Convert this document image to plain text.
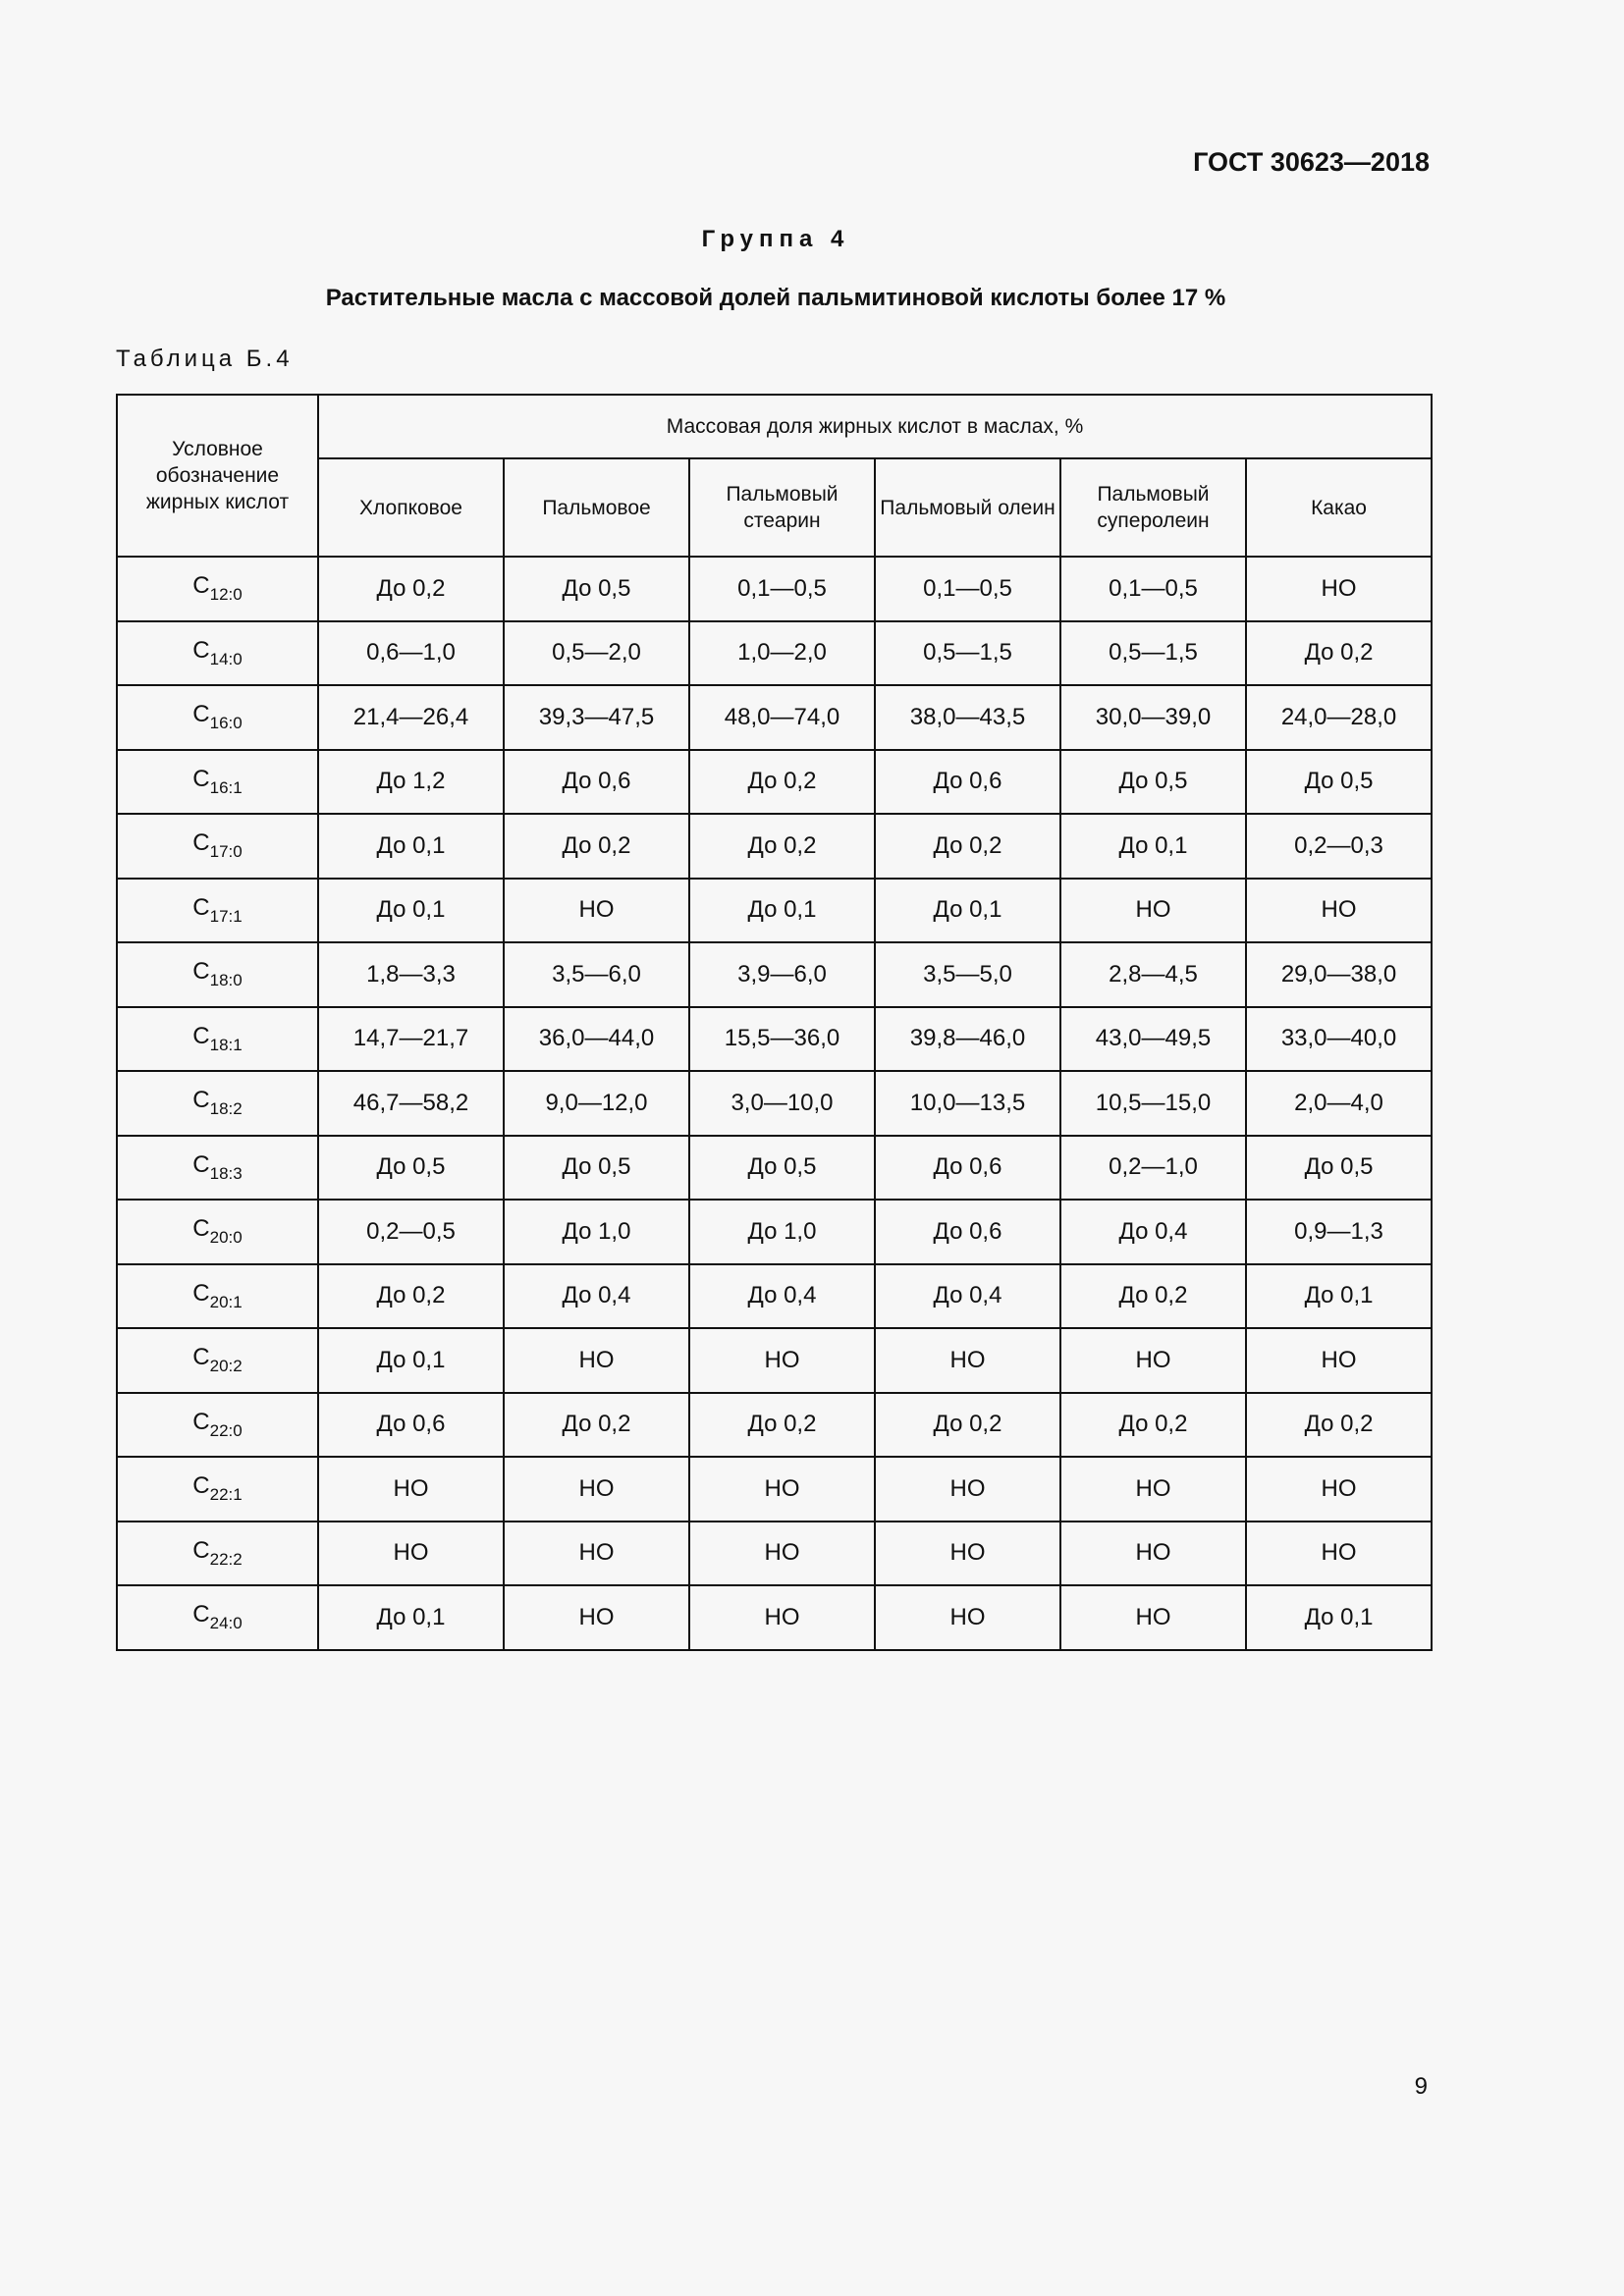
ГОСТ 30623—2018
Группа 4
Растительные масла с массовой долей пальмитиновой кислоты более 17 %
Таблица Б.4
Условное обозначение жирных кислот	Массовая доля жирных кислот в маслах, %					
	Хлопковое	Пальмовое	Пальмовый стеарин	Пальмовый олеин	Пальмовый суперолеин	Какао
$C_{12:0}$	До 0,2	До 0,5	0,1—0,5	0,1—0,5	0,1—0,5	НО
$C_{14:0}$	0,6—1,0	0,5—2,0	1,0—2,0	0,5—1,5	0,5—1,5	До 0,2
$C_{16:0}$	21,4—26,4	39,3—47,5	48,0—74,0	38,0—43,5	30,0—39,0	24,0—28,0
$C_{16:1}$	До 1,2	До 0,6	До 0,2	До 0,6	До 0,5	До 0,5
$C_{17:0}$	До 0,1	До 0,2	До 0,2	До 0,2	До 0,1	0,2—0,3
$C_{17:1}$	До 0,1	НО	До 0,1	До 0,1	НО	НО
$C_{18:0}$	1,8—3,3	3,5—6,0	3,9—6,0	3,5—5,0	2,8—4,5	29,0—38,0
$C_{18:1}$	14,7—21,7	36,0—44,0	15,5—36,0	39,8—46,0	43,0—49,5	33,0—40,0
$C_{18:2}$	46,7—58,2	9,0—12,0	3,0—10,0	10,0—13,5	10,5—15,0	2,0—4,0
$C_{18:3}$	До 0,5	До 0,5	До 0,5	До 0,6	0,2—1,0	До 0,5
$C_{20:0}$	0,2—0,5	До 1,0	До 1,0	До 0,6	До 0,4	0,9—1,3
$C_{20:1}$	До 0,2	До 0,4	До 0,4	До 0,4	До 0,2	До 0,1
$C_{20:2}$	До 0,1	НО	НО	НО	НО	НО
$C_{22:0}$	До 0,6	До 0,2	До 0,2	До 0,2	До 0,2	До 0,2
$C_{22:1}$	НО	НО	НО	НО	НО	НО
$C_{22:2}$	НО	НО	НО	НО	НО	НО
$C_{24:0}$	До 0,1	НО	НО	НО	НО	До 0,1
9
